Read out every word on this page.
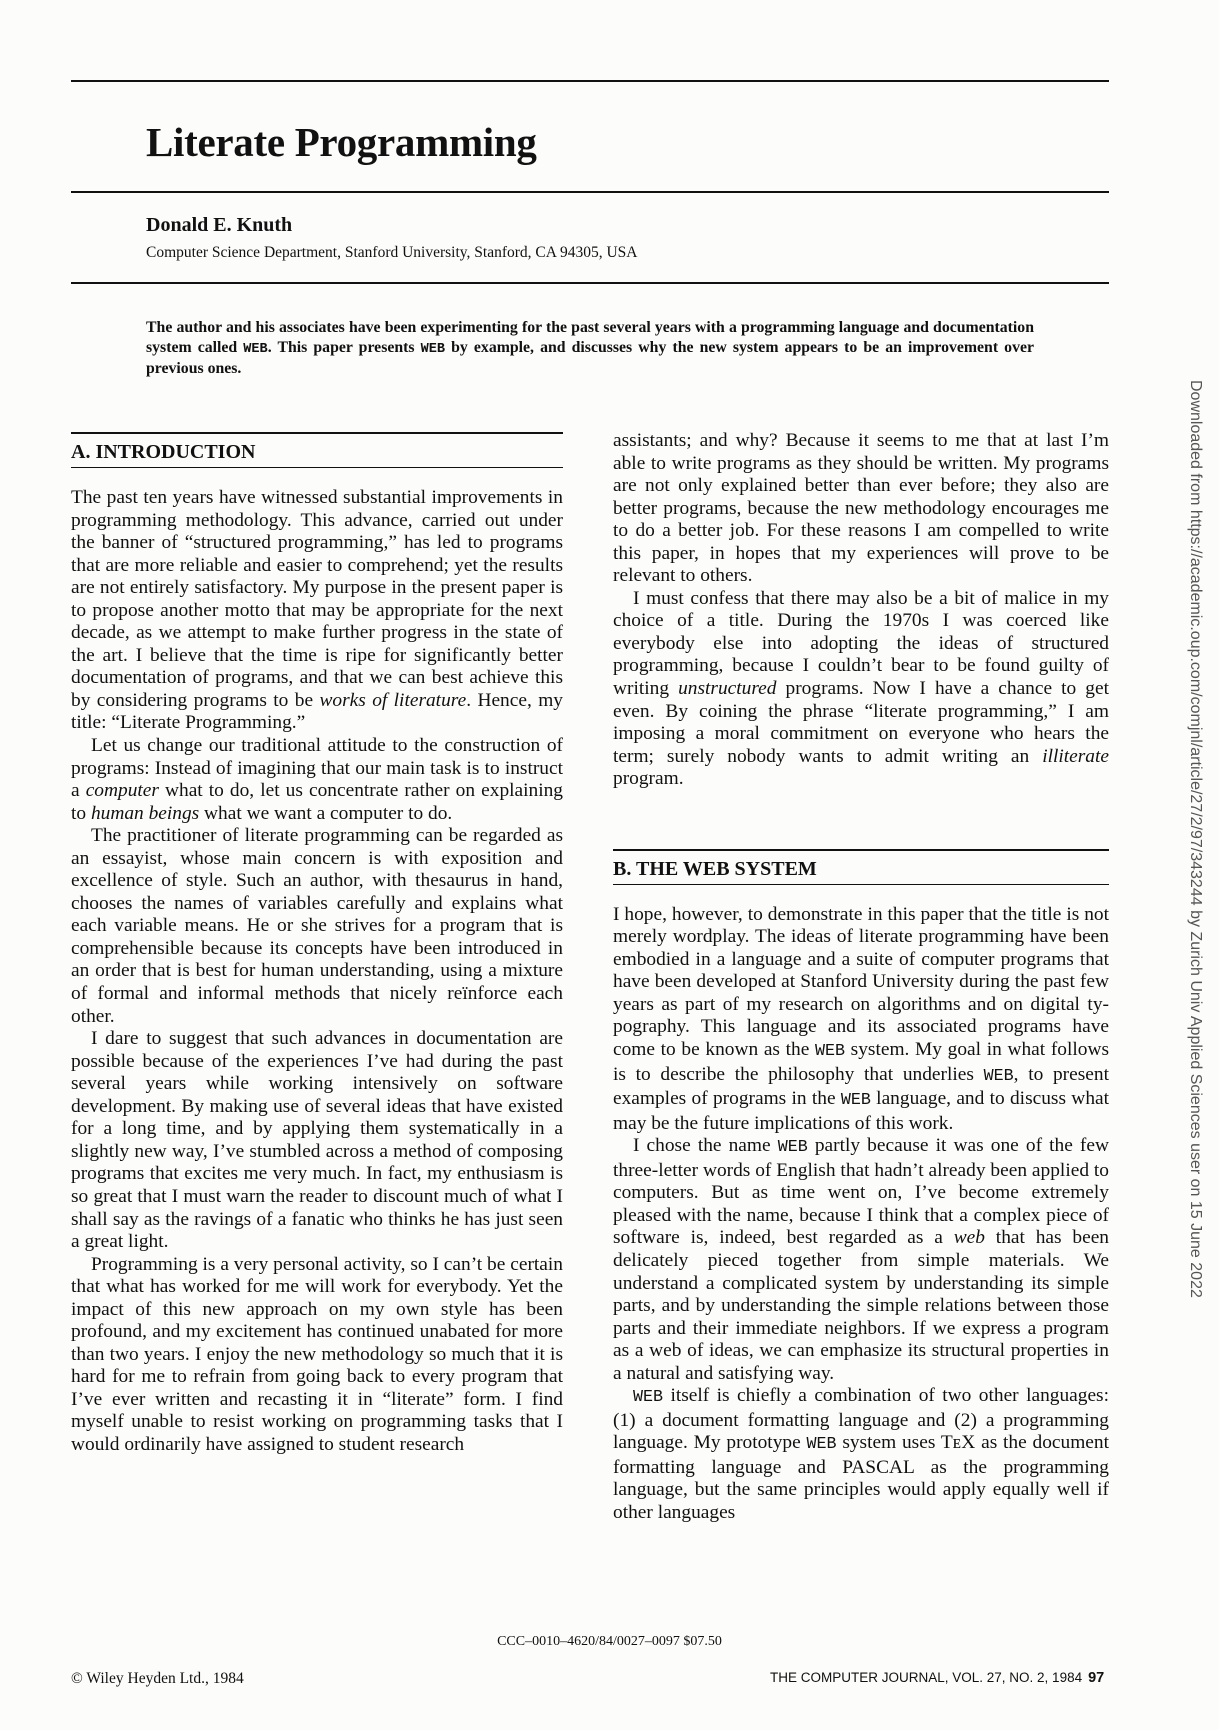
Literate Programming
Donald E. Knuth
Computer Science Department, Stanford University, Stanford, CA 94305, USA
The author and his associates have been experimenting for the past several years with a programming language and documentation system called WEB. This paper presents WEB by example, and discusses why the new system appears to be an improvement over previous ones.
A. INTRODUCTION

The past ten years have witnessed substantial improvements in programming methodology. This advance, carried out under the banner of “structured programming,” has led to programs that are more reliable and easier to comprehend; yet the results are not entirely satisfactory. My purpose in the present paper is to propose another motto that may be appropriate for the next decade, as we attempt to make further progress in the state of the art. I believe that the time is ripe for significantly better documentation of programs, and that we can best achieve this by considering programs to be works of literature. Hence, my title: “Literate Programming.”

Let us change our traditional attitude to the construction of programs: Instead of imagining that our main task is to instruct a computer what to do, let us concentrate rather on explaining to human beings what we want a computer to do.

The practitioner of literate programming can be regarded as an essayist, whose main concern is with exposition and excellence of style. Such an author, with thesaurus in hand, chooses the names of variables carefully and explains what each variable means. He or she strives for a program that is comprehensible because its concepts have been introduced in an order that is best for human understanding, using a mixture of formal and informal methods that nicely reïnforce each other.

I dare to suggest that such advances in documentation are possible because of the experiences I’ve had during the past several years while working intensively on software development. By making use of several ideas that have existed for a long time, and by applying them systematically in a slightly new way, I’ve stumbled across a method of composing programs that excites me very much. In fact, my enthusiasm is so great that I must warn the reader to discount much of what I shall say as the ravings of a fanatic who thinks he has just seen a great light.

Programming is a very personal activity, so I can’t be certain that what has worked for me will work for everybody. Yet the impact of this new approach on my own style has been profound, and my excitement has continued unabated for more than two years. I enjoy the new methodology so much that it is hard for me to refrain from going back to every program that I’ve ever written and recasting it in “literate” form. I find myself unable to resist working on programming tasks that I would ordinarily have assigned to student research

assistants; and why? Because it seems to me that at last I’m able to write programs as they should be written. My programs are not only explained better than ever before; they also are better programs, because the new methodology encourages me to do a better job. For these reasons I am compelled to write this paper, in hopes that my experiences will prove to be relevant to others.

I must confess that there may also be a bit of malice in my choice of a title. During the 1970s I was coerced like everybody else into adopting the ideas of structured programming, because I couldn’t bear to be found guilty of writing unstructured programs. Now I have a chance to get even. By coining the phrase “literate programming,” I am imposing a moral commitment on everyone who hears the term; surely nobody wants to admit writing an illiterate program.

B. THE WEB SYSTEM

I hope, however, to demonstrate in this paper that the title is not merely wordplay. The ideas of literate programming have been embodied in a language and a suite of computer programs that have been developed at Stanford University during the past few years as part of my research on algorithms and on digital typography. This language and its associated programs have come to be known as the WEB system. My goal in what follows is to describe the philosophy that underlies WEB, to present examples of programs in the WEB language, and to discuss what may be the future implications of this work.

I chose the name WEB partly because it was one of the few three-letter words of English that hadn’t already been applied to computers. But as time went on, I’ve become extremely pleased with the name, because I think that a complex piece of software is, indeed, best regarded as a web that has been delicately pieced together from simple materials. We understand a complicated system by understanding its simple parts, and by understanding the simple relations between those parts and their immediate neighbors. If we express a program as a web of ideas, we can emphasize its structural properties in a natural and satisfying way.

WEB itself is chiefly a combination of two other languages: (1) a document formatting language and (2) a programming language. My prototype WEB system uses TᴇX as the document formatting language and PASCAL as the programming language, but the same principles would apply equally well if other languages

Downloaded from https://academic.oup.com/comjnl/article/27/2/97/343244 by Zurich Univ Applied Sciences user on 15 June 2022
CCC–0010–4620/84/0027–0097 $07.50
© Wiley Heyden Ltd., 1984	THE COMPUTER JOURNAL, VOL. 27, NO. 2, 1984 97
